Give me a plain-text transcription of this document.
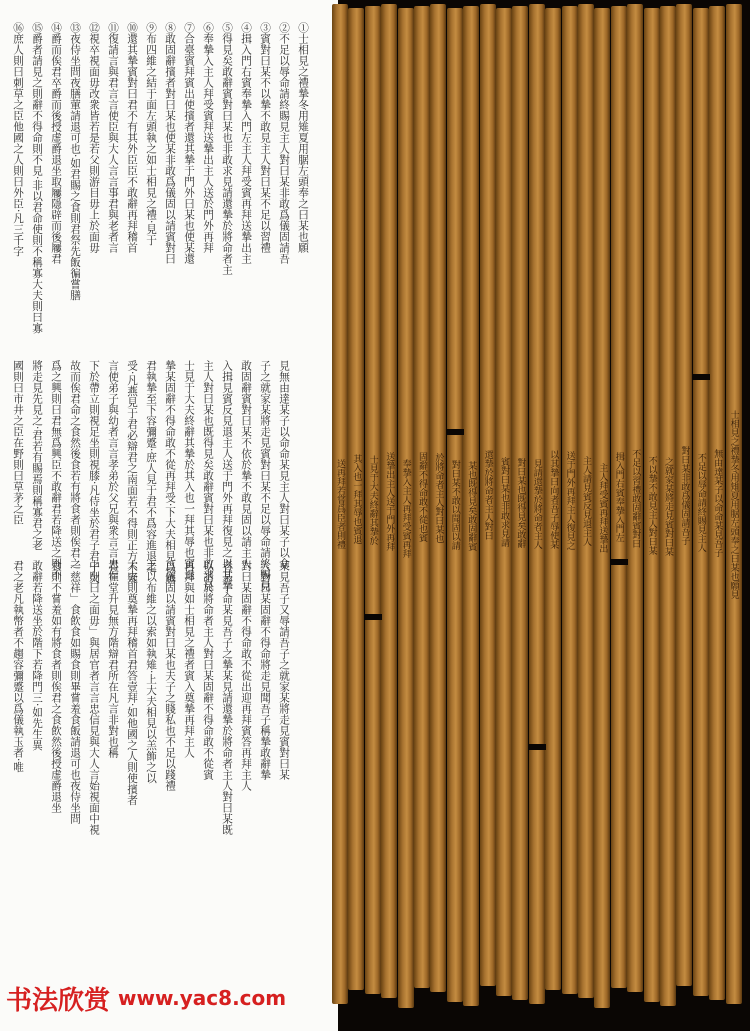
①士相見之禮摯冬用雉夏用腒左頭奉之曰某也願
②不足以辱命請終賜見主人對曰某非敢爲儀固請吾
③賓對曰某不以摯不敢見主人對曰某不足以習禮
④揖入門右賓奉摯入門左主人拜受賓再拜送摯出主
⑤得見矣敢辭賓對曰某也非敢求見請還摯於將命者主
⑥奉摯入主人拜受賓拜送摯出主人送於門外再拜
⑦合臺賓拜賓出使擯者還其摯于門外曰某也使某還
⑧敢固辭擯者對曰某也使某非敢爲儀固以請賓對曰
⑨布四維之結于面左頭執之如士相見之禮·見于
⑩還其摯賓對曰君不有其外臣臣不敢辭再拜稽首
⑪復請言與君言言使臣與大人言言事君與老者言
⑫視卒視面毋改衆皆若是若父則游目毋上於面毋
⑬夜侍坐問夜膳葷請退可也·如君賜之食則君祭先飯徧嘗膳
⑭爵而俟君卒爵而後授虚爵退坐取屨隱辟而後屨君
⑮爵者請見之則辭不得命則不見·非以君命使則不稱寡大夫則曰寡
⑯庶人則曰刺草之臣他國之人則曰外臣·凡三千字
見無由達某子以命命某見主人對曰某子以命
子之就家某將走見賓對曰某不足以辱命請終賜見
敢固辭賓對曰某不依於摯不敢見固以請主人
入揖見賓反見退主人送于門外再拜復見之以其摯
主人對曰某也既得見矣敢辭賓對曰某也非敢求見
士見于大夫終辭其摯於其入也一拜其辱也賓退
摯某固辭不得命敢不從再拜受·下大夫相見以鴈
君執摯至下容彌蹙·庶人見于君不爲容進退走
受·凡燕見于君必辯君之南面若不得則正方不疑
言使弟子與幼者言言孝弟於父兄與衆言言忠信
下於帶立則視足坐則視膝·凡侍坐於君子君子欠
故而俟君命之食然後食若有將食者則俟君之
爲之興則曰君無爲興臣不敢辭君若降送之則不
將走見先見之·君若有賜焉則稱寡君之老
國則曰市井之臣在野則曰草茅之臣
某見吾子又辱請吾子之就家某將走見賓對曰某
人對曰某固辭不得命將走見聞吾子稱摯敢辭摯
對曰某固辭不得命敢不從出迎再拜賓答再拜主人
者某子命某見吾子之摯某見請還摯於將命者主人對曰某既
以請於將命者主人對曰某固辭不得命敢不從賓
再拜與如士相見之禮者賓入奠摯再拜主人
爲儀固以請賓對曰某也夫子之賤私也不足以踐禮
之以布維之以索如執雉·上大夫相見以羔飾之以
大夫則奠摯再拜稽首君答壹拜·如他國之人則使擯者
君在堂升見無方階辯君所在凡言非對也稱
中則曰之面毋」與居官者言言忠信見與大人言始視面中視
一慈祥」食飲食如賜食則畢嘗羞食飯請退可也夜侍坐問
食則不嘗羞如有將食者則俟君之食飲然後授虚爵退坐
敢辭若降送坐於階下若降門三·如先生異
君之老凡執幣者不趨容彌蹙以爲儀執玉者·唯
士相見之禮摯冬用雉夏用腒左頭奉之曰某也願見
無由達某子以命命某見吾子
不足以辱命請終賜見主人
對曰某非敢爲儀固請吾子
之就家某將走見賓對曰某
不以摯不敢見主人對曰某
不足以習禮敢固辭賓對曰
揖入門右賓奉摯入門左
主人拜受賓再拜送摯出
主人請見賓反見退主人
送于門外再拜主人復見之
以其摯曰向者吾子辱使某
見請還摯於將命者主人
對曰某也既得見矣敢辭
賓對曰某也非敢求見請
還摯於將命者主人對曰
某也既得見矣敢固辭賓
對曰某不敢以聞固以請
於將命者主人對曰某也
固辭不得命敢不從也賓
奉摯入主人再拜受賓再拜
送摯出主人送于門外再拜
士見于大夫終辭其摯於
其入也一拜其辱也賓退
送再拜若嘗爲臣者則禮
书法欣赏 www.yac8.com
